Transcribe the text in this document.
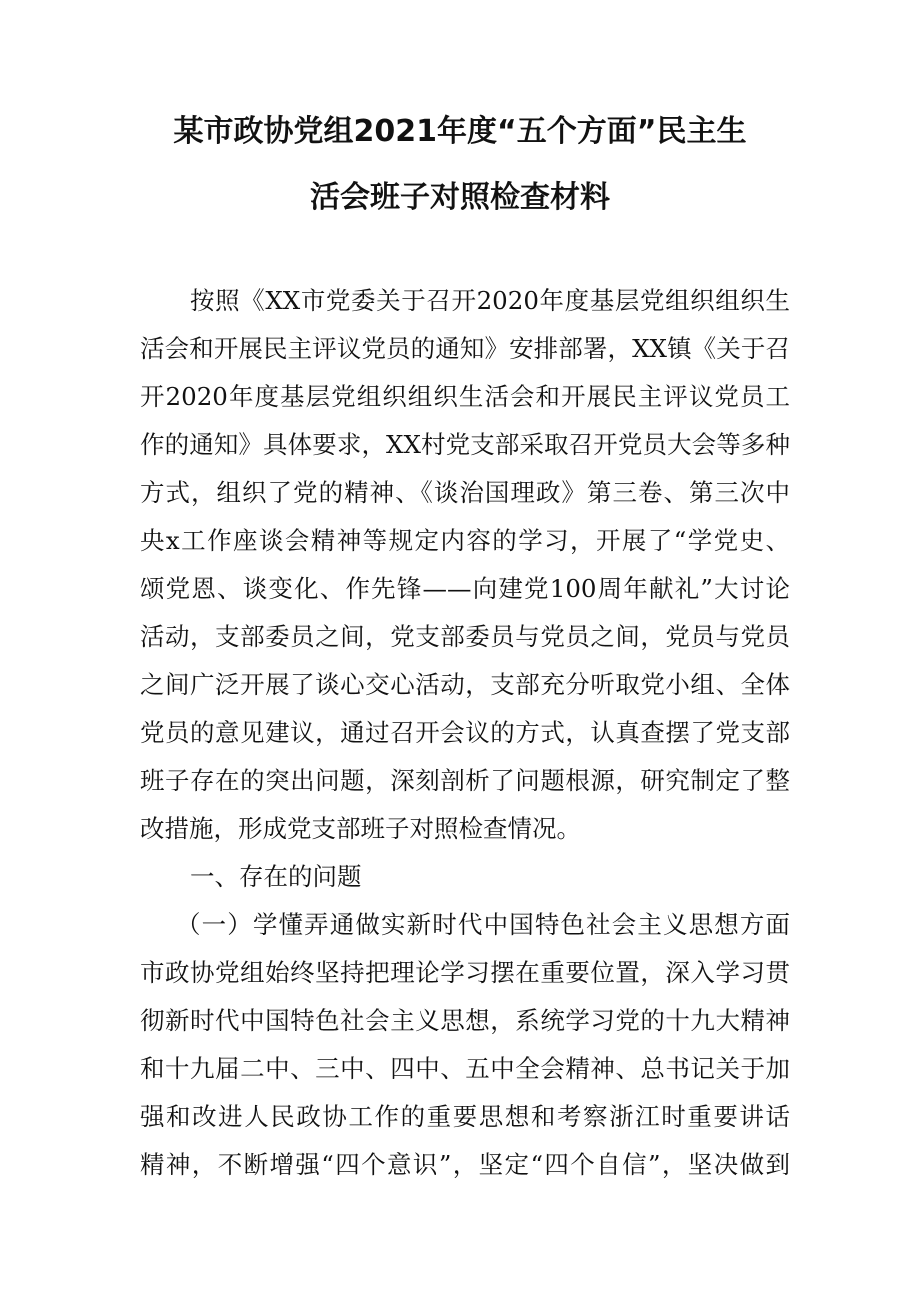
某市政协党组2021年度“五个方面”民主生
活会班子对照检查材料
按照《XX市党委关于召开2020年度基层党组织组织生
活会和开展民主评议党员的通知》安排部署，XX镇《关于召
开2020年度基层党组织组织生活会和开展民主评议党员工
作的通知》具体要求，XX村党支部采取召开党员大会等多种
方式，组织了党的精神、《谈治国理政》第三卷、第三次中
央x工作座谈会精神等规定内容的学习，开展了“学党史、
颂党恩、谈变化、作先锋——向建党100周年献礼”大讨论
活动，支部委员之间，党支部委员与党员之间，党员与党员
之间广泛开展了谈心交心活动，支部充分听取党小组、全体
党员的意见建议，通过召开会议的方式，认真查摆了党支部
班子存在的突出问题，深刻剖析了问题根源，研究制定了整
改措施，形成党支部班子对照检查情况。
一、存在的问题
（一）学懂弄通做实新时代中国特色社会主义思想方面
市政协党组始终坚持把理论学习摆在重要位置，深入学习贯
彻新时代中国特色社会主义思想，系统学习党的十九大精神
和十九届二中、三中、四中、五中全会精神、总书记关于加
强和改进人民政协工作的重要思想和考察浙江时重要讲话
精神，不断增强“四个意识”，坚定“四个自信”，坚决做到
